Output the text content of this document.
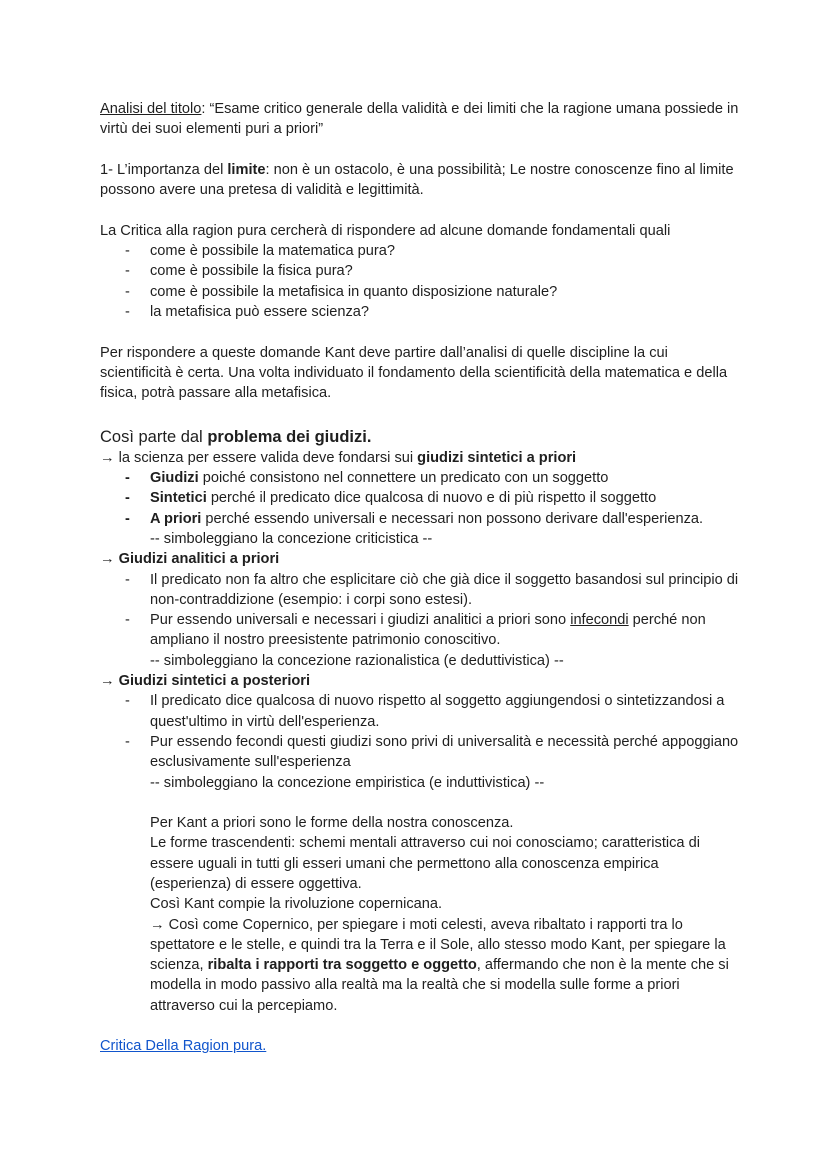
Analisi del titolo: “Esame critico generale della validità e dei limiti che la ragione umana possiede in virtù dei suoi elementi puri a priori”

1- L’importanza del limite: non è un ostacolo, è una possibilità; Le nostre conoscenze fino al limite possono avere una pretesa di validità e legittimità.

La Critica alla ragion pura cercherà di rispondere ad alcune domande fondamentali quali

- come è possibile la matematica pura?
- come è possibile la fisica pura?
- come è possibile la metafisica in quanto disposizione naturale?
- la metafisica può essere scienza?

Per rispondere a queste domande Kant deve partire dall’analisi di quelle discipline la cui scientificità è certa. Una volta individuato il fondamento della scientificità della matematica e della fisica, potrà passare alla metafisica.

Così parte dal problema dei giudizi.

→ la scienza per essere valida deve fondarsi sui giudizi sintetici a priori

- Giudizi poiché consistono nel connettere un predicato con un soggetto
- Sintetici perché il predicato dice qualcosa di nuovo e di più rispetto il soggetto
- A priori perché essendo universali e necessari non possono derivare dall'esperienza.

-- simboleggiano la concezione criticistica --

→ Giudizi analitici a priori

- Il predicato non fa altro che esplicitare ciò che già dice il soggetto basandosi sul principio di non-contraddizione (esempio: i corpi sono estesi).
- Pur essendo universali e necessari i giudizi analitici a priori sono infecondi perché non ampliano il nostro preesistente patrimonio conoscitivo.

-- simboleggiano la concezione razionalistica (e deduttivistica) --

→ Giudizi sintetici a posteriori

- Il predicato dice qualcosa di nuovo rispetto al soggetto aggiungendosi o sintetizzandosi a quest'ultimo in virtù dell'esperienza.
- Pur essendo fecondi questi giudizi sono privi di universalità e necessità perché appoggiano esclusivamente sull'esperienza

-- simboleggiano la concezione empiristica (e induttivistica) --

Per Kant a priori sono le forme della nostra conoscenza.

Le forme trascendenti: schemi mentali attraverso cui noi conosciamo; caratteristica di essere uguali in tutti gli esseri umani che permettono alla conoscenza empirica (esperienza) di essere oggettiva.

Così Kant compie la rivoluzione copernicana.

→ Così come Copernico, per spiegare i moti celesti, aveva ribaltato i rapporti tra lo spettatore e le stelle, e quindi tra la Terra e il Sole, allo stesso modo Kant, per spiegare la scienza, ribalta i rapporti tra soggetto e oggetto, affermando che non è la mente che si modella in modo passivo alla realtà ma la realtà che si modella sulle forme a priori attraverso cui la percepiamo.

Critica Della Ragion pura.
